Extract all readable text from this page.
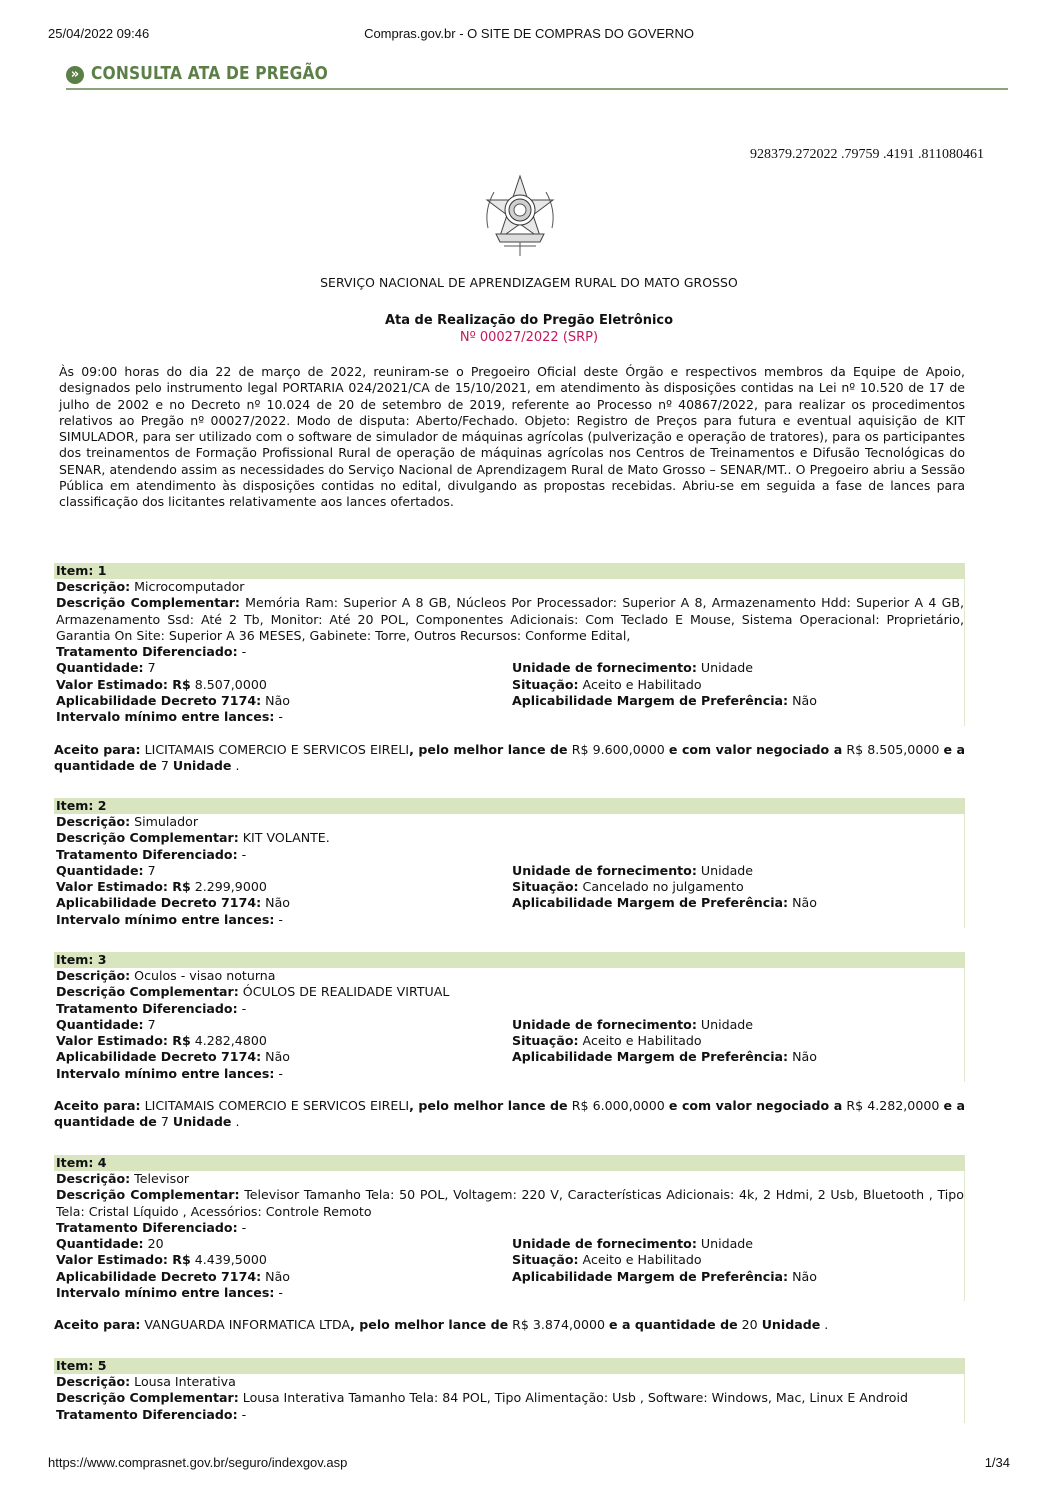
25/04/2022 09:46	Compras.gov.br - O SITE DE COMPRAS DO GOVERNO
» CONSULTA ATA DE PREGÃO
928379.272022 .79759 .4191 .811080461
SERVIÇO NACIONAL DE APRENDIZAGEM RURAL DO MATO GROSSO
Ata de Realização do Pregão Eletrônico
Nº 00027/2022 (SRP)
Às 09:00 horas do dia 22 de março de 2022, reuniram-se o Pregoeiro Oficial deste Órgão e respectivos membros da Equipe de Apoio, designados pelo instrumento legal PORTARIA 024/2021/CA de 15/10/2021, em atendimento às disposições contidas na Lei nº 10.520 de 17 de julho de 2002 e no Decreto nº 10.024 de 20 de setembro de 2019, referente ao Processo nº 40867/2022, para realizar os procedimentos relativos ao Pregão nº 00027/2022. Modo de disputa: Aberto/Fechado. Objeto: Registro de Preços para futura e eventual aquisição de KIT SIMULADOR, para ser utilizado com o software de simulador de máquinas agrícolas (pulverização e operação de tratores), para os participantes dos treinamentos de Formação Profissional Rural de operação de máquinas agrícolas nos Centros de Treinamentos e Difusão Tecnológicas do SENAR, atendendo assim as necessidades do Serviço Nacional de Aprendizagem Rural de Mato Grosso – SENAR/MT.. O Pregoeiro abriu a Sessão Pública em atendimento às disposições contidas no edital, divulgando as propostas recebidas. Abriu-se em seguida a fase de lances para classificação dos licitantes relativamente aos lances ofertados.
Item: 1
Descrição: Microcomputador
Descrição Complementar: Memória Ram: Superior A 8 GB, Núcleos Por Processador: Superior A 8, Armazenamento Hdd: Superior A 4 GB, Armazenamento Ssd: Até 2 Tb, Monitor: Até 20 POL, Componentes Adicionais: Com Teclado E Mouse, Sistema Operacional: Proprietário, Garantia On Site: Superior A 36 MESES, Gabinete: Torre, Outros Recursos: Conforme Edital,
Tratamento Diferenciado: -
Quantidade: 7	Unidade de fornecimento: Unidade
Valor Estimado: R$ 8.507,0000	Situação: Aceito e Habilitado
Aplicabilidade Decreto 7174: Não	Aplicabilidade Margem de Preferência: Não
Intervalo mínimo entre lances: -
Aceito para: LICITAMAIS COMERCIO E SERVICOS EIRELI, pelo melhor lance de R$ 9.600,0000 e com valor negociado a R$ 8.505,0000 e a quantidade de 7 Unidade .
Item: 2
Descrição: Simulador
Descrição Complementar: KIT VOLANTE.
Tratamento Diferenciado: -
Quantidade: 7	Unidade de fornecimento: Unidade
Valor Estimado: R$ 2.299,9000	Situação: Cancelado no julgamento
Aplicabilidade Decreto 7174: Não	Aplicabilidade Margem de Preferência: Não
Intervalo mínimo entre lances: -
Item: 3
Descrição: Oculos - visao noturna
Descrição Complementar: ÓCULOS DE REALIDADE VIRTUAL
Tratamento Diferenciado: -
Quantidade: 7	Unidade de fornecimento: Unidade
Valor Estimado: R$ 4.282,4800	Situação: Aceito e Habilitado
Aplicabilidade Decreto 7174: Não	Aplicabilidade Margem de Preferência: Não
Intervalo mínimo entre lances: -
Aceito para: LICITAMAIS COMERCIO E SERVICOS EIRELI, pelo melhor lance de R$ 6.000,0000 e com valor negociado a R$ 4.282,0000 e a quantidade de 7 Unidade .
Item: 4
Descrição: Televisor
Descrição Complementar: Televisor Tamanho Tela: 50 POL, Voltagem: 220 V, Características Adicionais: 4k, 2 Hdmi, 2 Usb, Bluetooth , Tipo Tela: Cristal Líquido , Acessórios: Controle Remoto
Tratamento Diferenciado: -
Quantidade: 20	Unidade de fornecimento: Unidade
Valor Estimado: R$ 4.439,5000	Situação: Aceito e Habilitado
Aplicabilidade Decreto 7174: Não	Aplicabilidade Margem de Preferência: Não
Intervalo mínimo entre lances: -
Aceito para: VANGUARDA INFORMATICA LTDA, pelo melhor lance de R$ 3.874,0000 e a quantidade de 20 Unidade .
Item: 5
Descrição: Lousa Interativa
Descrição Complementar: Lousa Interativa Tamanho Tela: 84 POL, Tipo Alimentação: Usb , Software: Windows, Mac, Linux E Android
Tratamento Diferenciado: -
https://www.comprasnet.gov.br/seguro/indexgov.asp	1/34
